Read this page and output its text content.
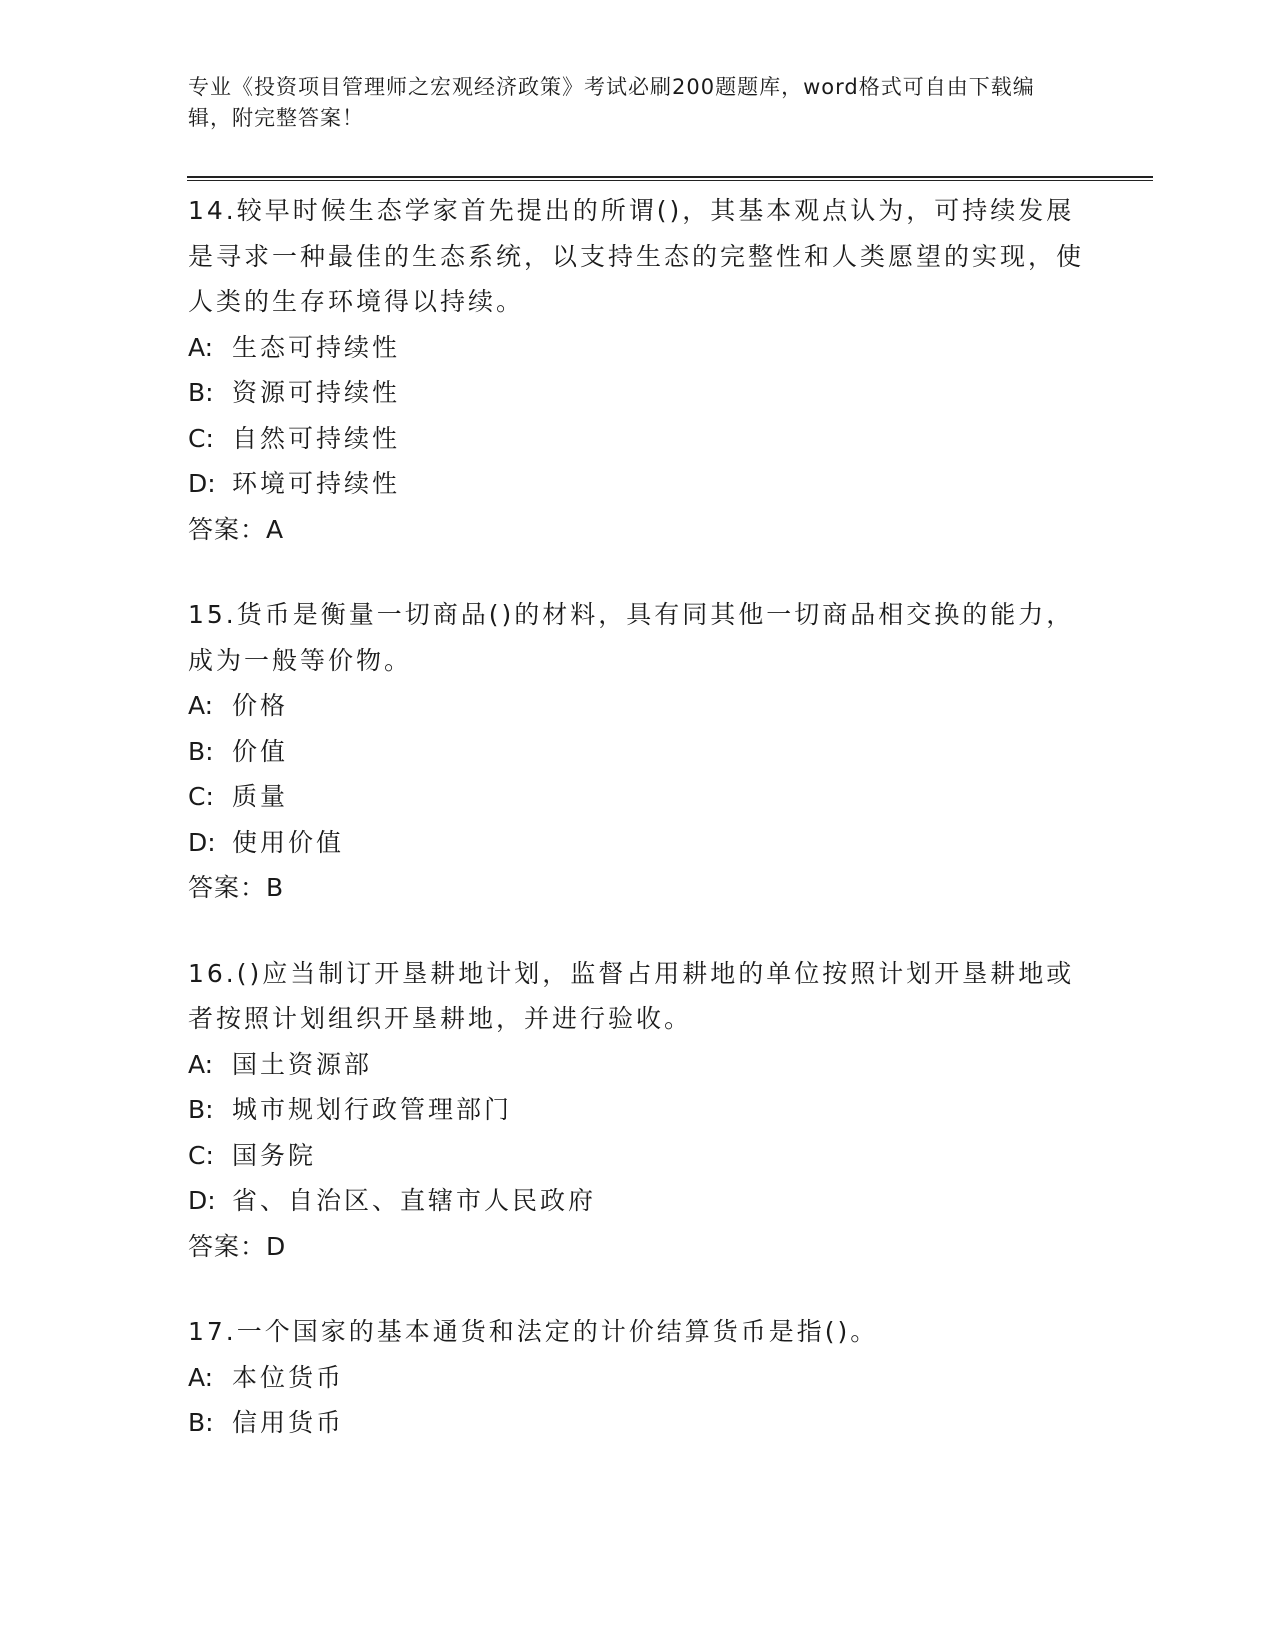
专业《投资项目管理师之宏观经济政策》考试必刷200题题库，word格式可自由下载编辑，附完整答案！
14.较早时候生态学家首先提出的所谓()，其基本观点认为，可持续发展是寻求一种最佳的生态系统，以支持生态的完整性和人类愿望的实现，使人类的生存环境得以持续。
A: 生态可持续性
B: 资源可持续性
C: 自然可持续性
D: 环境可持续性
答案：A
15.货币是衡量一切商品()的材料，具有同其他一切商品相交换的能力，成为一般等价物。
A: 价格
B: 价值
C: 质量
D: 使用价值
答案：B
16.()应当制订开垦耕地计划，监督占用耕地的单位按照计划开垦耕地或者按照计划组织开垦耕地，并进行验收。
A: 国土资源部
B: 城市规划行政管理部门
C: 国务院
D: 省、自治区、直辖市人民政府
答案：D
17.一个国家的基本通货和法定的计价结算货币是指()。
A: 本位货币
B: 信用货币
